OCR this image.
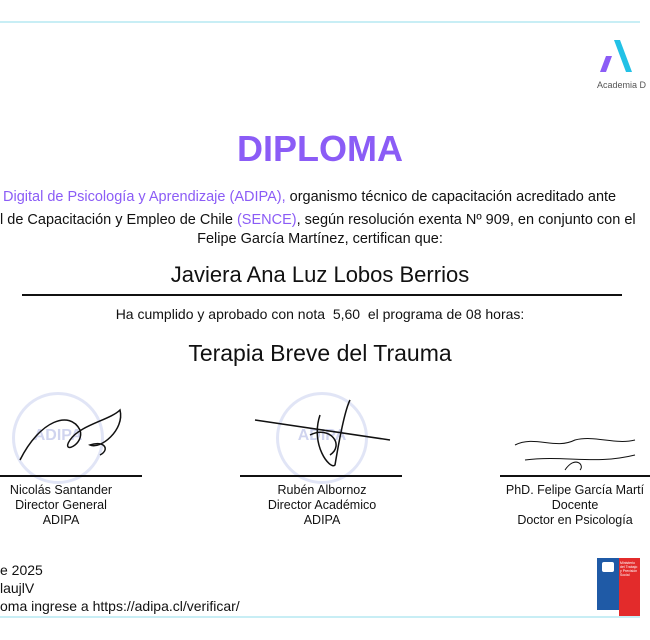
Academia D
DIPLOMA
Digital de Psicología y Aprendizaje (ADIPA), organismo técnico de capacitación acreditado ante
l de Capacitación y Empleo de Chile (SENCE), según resolución exenta Nº 909, en conjunto con el
Felipe García Martínez, certifican que:
Javiera Ana Luz Lobos Berrios
Ha cumplido y aprobado con nota 5,60 el programa de 08 horas:
Terapia Breve del Trauma
ADIPA	ADIPA
Nicolás Santander
Director General
ADIPA
Rubén Albornoz
Director Académico
ADIPA
PhD. Felipe García Martí
Docente
Doctor en Psicología
e 2025
laujlV
oma ingrese a https://adipa.cl/verificar/
Ministerio del Trabajo y Previsión Social
